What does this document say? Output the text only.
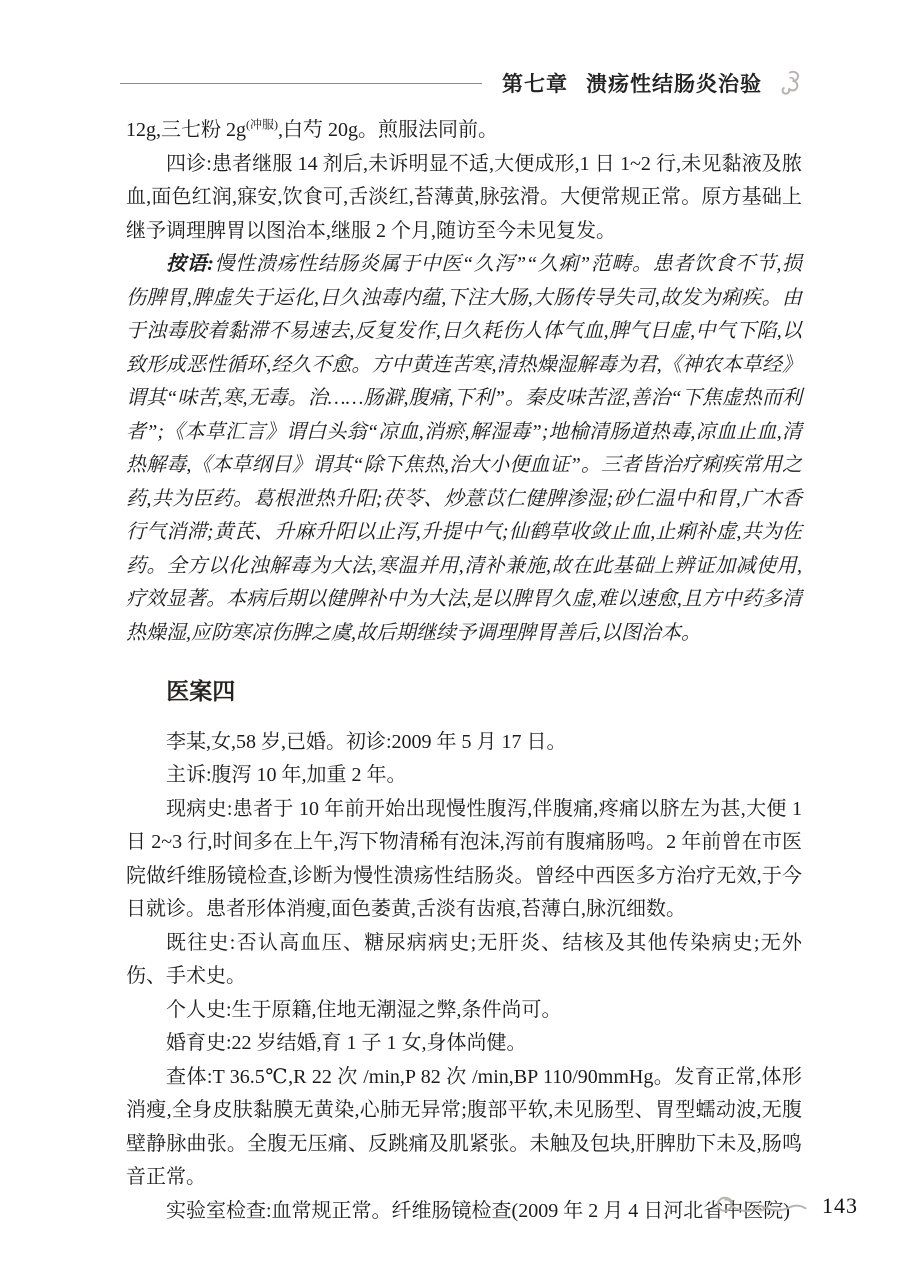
第七章 溃疡性结肠炎治验

12g,三七粉 $2g^{(冲服)}$,白芍 20g。煎服法同前。

四诊:患者继服 14 剂后,未诉明显不适,大便成形,1 日 1~2 行,未见黏液及脓血,面色红润,寐安,饮食可,舌淡红,苔薄黄,脉弦滑。大便常规正常。原方基础上继予调理脾胃以图治本,继服 2 个月,随访至今未见复发。

按语:慢性溃疡性结肠炎属于中医“久泻”“久痢”范畴。患者饮食不节,损伤脾胃,脾虚失于运化,日久浊毒内蕴,下注大肠,大肠传导失司,故发为痢疾。由于浊毒胶着黏滞不易速去,反复发作,日久耗伤人体气血,脾气日虚,中气下陷,以致形成恶性循环,经久不愈。方中黄连苦寒,清热燥湿解毒为君,《神农本草经》谓其“味苦,寒,无毒。治……肠澼,腹痛,下利”。秦皮味苦涩,善治“下焦虚热而利者”;《本草汇言》谓白头翁“凉血,消瘀,解湿毒”;地榆清肠道热毒,凉血止血,清热解毒,《本草纲目》谓其“除下焦热,治大小便血证”。三者皆治疗痢疾常用之药,共为臣药。葛根泄热升阳;茯苓、炒薏苡仁健脾渗湿;砂仁温中和胃,广木香行气消滞;黄芪、升麻升阳以止泻,升提中气;仙鹤草收敛止血,止痢补虚,共为佐药。全方以化浊解毒为大法,寒温并用,清补兼施,故在此基础上辨证加减使用,疗效显著。本病后期以健脾补中为大法,是以脾胃久虚,难以速愈,且方中药多清热燥湿,应防寒凉伤脾之虞,故后期继续予调理脾胃善后,以图治本。

医案四

李某,女,58 岁,已婚。初诊:2009 年 5 月 17 日。

主诉:腹泻 10 年,加重 2 年。

现病史:患者于 10 年前开始出现慢性腹泻,伴腹痛,疼痛以脐左为甚,大便 1 日 2~3 行,时间多在上午,泻下物清稀有泡沫,泻前有腹痛肠鸣。2 年前曾在市医院做纤维肠镜检查,诊断为慢性溃疡性结肠炎。曾经中西医多方治疗无效,于今日就诊。患者形体消瘦,面色萎黄,舌淡有齿痕,苔薄白,脉沉细数。

既往史:否认高血压、糖尿病病史;无肝炎、结核及其他传染病史;无外伤、手术史。

个人史:生于原籍,住地无潮湿之弊,条件尚可。

婚育史:22 岁结婚,育 1 子 1 女,身体尚健。

查体:T 36.5℃,R 22 次 /min,P 82 次 /min,BP 110/90mmHg。发育正常,体形消瘦,全身皮肤黏膜无黄染,心肺无异常;腹部平软,未见肠型、胃型蠕动波,无腹壁静脉曲张。全腹无压痛、反跳痛及肌紧张。未触及包块,肝脾肋下未及,肠鸣音正常。

实验室检查:血常规正常。纤维肠镜检查(2009 年 2 月 4 日河北省中医院)	143
